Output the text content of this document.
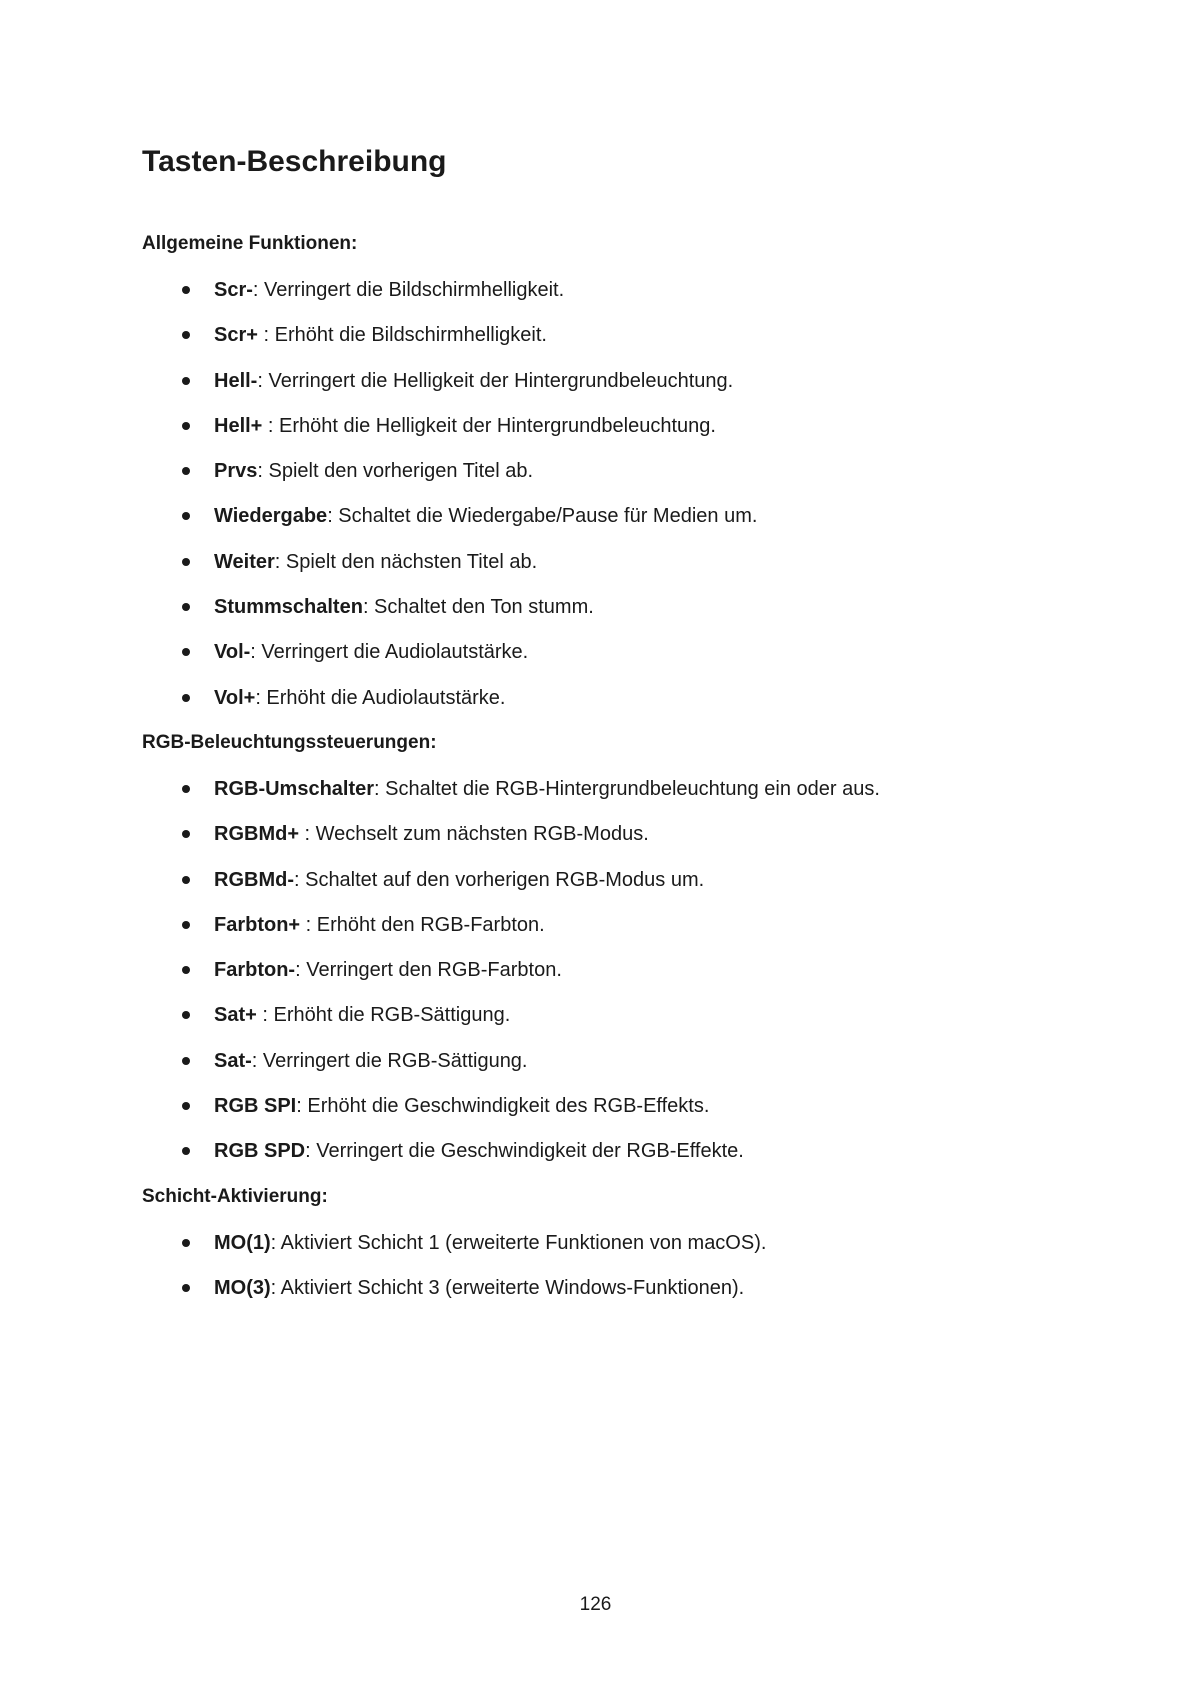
Tasten-Beschreibung
Allgemeine Funktionen:
Scr-: Verringert die Bildschirmhelligkeit.
Scr+ : Erhöht die Bildschirmhelligkeit.
Hell-: Verringert die Helligkeit der Hintergrundbeleuchtung.
Hell+ : Erhöht die Helligkeit der Hintergrundbeleuchtung.
Prvs: Spielt den vorherigen Titel ab.
Wiedergabe: Schaltet die Wiedergabe/Pause für Medien um.
Weiter: Spielt den nächsten Titel ab.
Stummschalten: Schaltet den Ton stumm.
Vol-: Verringert die Audiolautstärke.
Vol+: Erhöht die Audiolautstärke.
RGB-Beleuchtungssteuerungen:
RGB-Umschalter: Schaltet die RGB-Hintergrundbeleuchtung ein oder aus.
RGBMd+ : Wechselt zum nächsten RGB-Modus.
RGBMd-: Schaltet auf den vorherigen RGB-Modus um.
Farbton+ : Erhöht den RGB-Farbton.
Farbton-: Verringert den RGB-Farbton.
Sat+ : Erhöht die RGB-Sättigung.
Sat-: Verringert die RGB-Sättigung.
RGB SPI: Erhöht die Geschwindigkeit des RGB-Effekts.
RGB SPD: Verringert die Geschwindigkeit der RGB-Effekte.
Schicht-Aktivierung:
MO(1): Aktiviert Schicht 1 (erweiterte Funktionen von macOS).
MO(3): Aktiviert Schicht 3 (erweiterte Windows-Funktionen).
126
